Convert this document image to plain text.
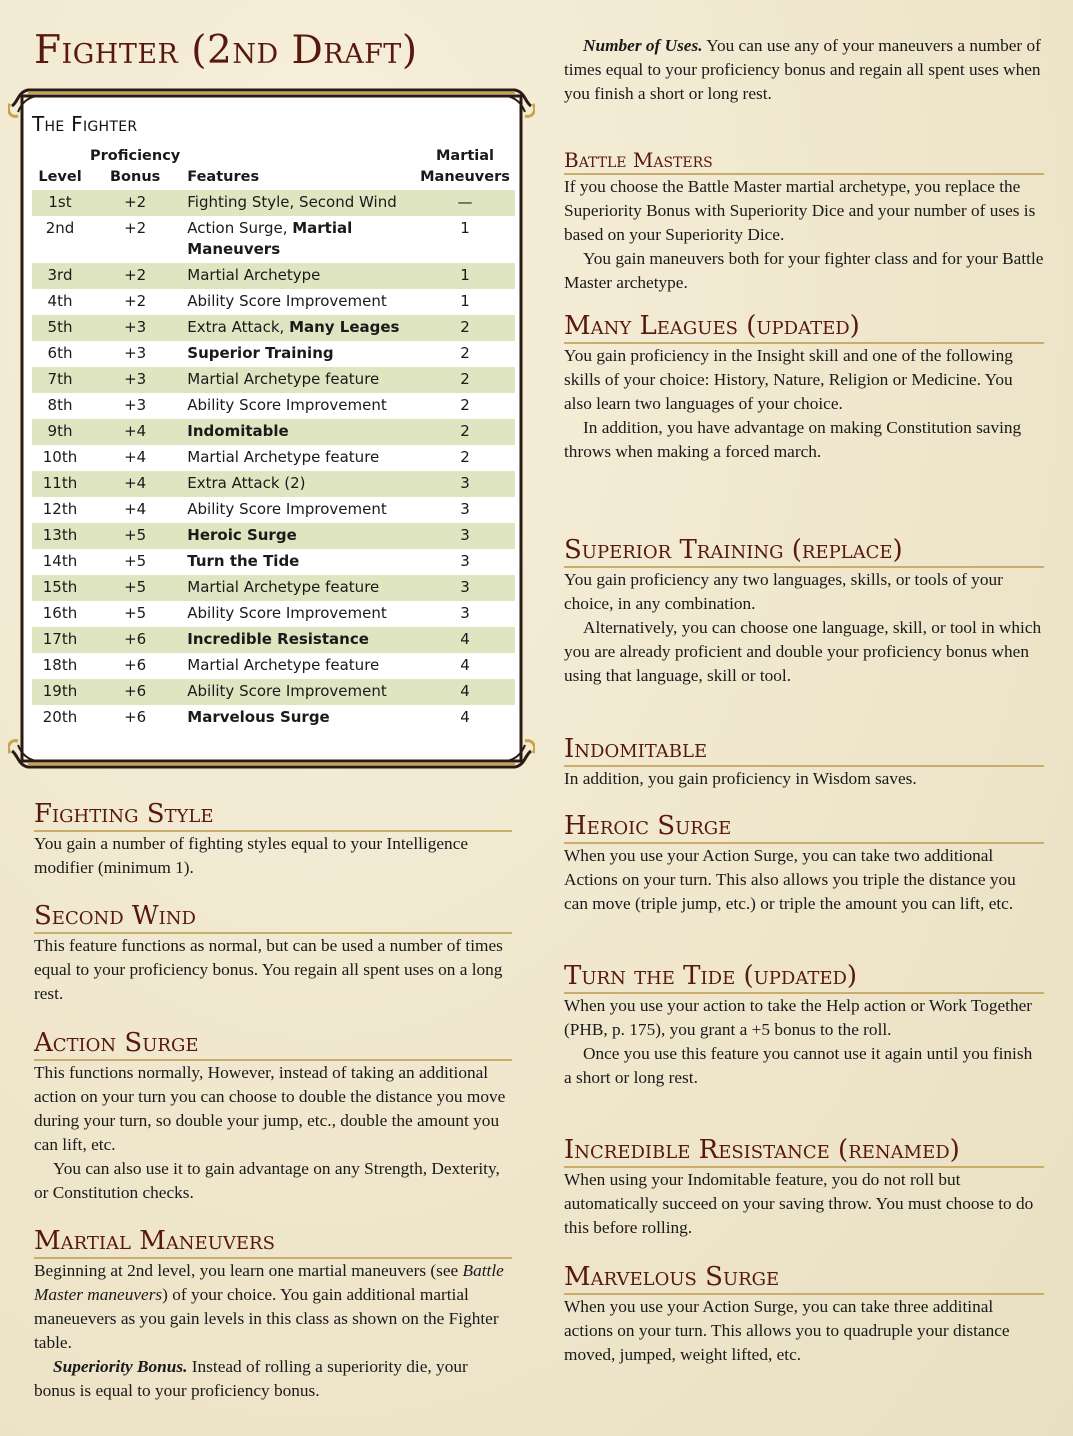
Fighter (2nd Draft)
The Fighter
Level	Proficiency
Bonus	Features	Martial
Maneuvers
1st	+2	Fighting Style, Second Wind	—
2nd	+2	Action Surge, Martial Maneuvers	1
3rd	+2	Martial Archetype	1
4th	+2	Ability Score Improvement	1
5th	+3	Extra Attack, Many Leages	2
6th	+3	Superior Training	2
7th	+3	Martial Archetype feature	2
8th	+3	Ability Score Improvement	2
9th	+4	Indomitable	2
10th	+4	Martial Archetype feature	2
11th	+4	Extra Attack (2)	3
12th	+4	Ability Score Improvement	3
13th	+5	Heroic Surge	3
14th	+5	Turn the Tide	3
15th	+5	Martial Archetype feature	3
16th	+5	Ability Score Improvement	3
17th	+6	Incredible Resistance	4
18th	+6	Martial Archetype feature	4
19th	+6	Ability Score Improvement	4
20th	+6	Marvelous Surge	4
Fighting Style

You gain a number of fighting styles equal to your Intelligence modifier (minimum 1).

Second Wind

This feature functions as normal, but can be used a number of times equal to your proficiency bonus. You regain all spent uses on a long rest.

Action Surge

This functions normally, However, instead of taking an additional action on your turn you can choose to double the distance you move during your turn, so double your jump, etc., double the amount you can lift, etc.

You can also use it to gain advantage on any Strength, Dexterity, or Constitution checks.

Martial Maneuvers

Beginning at 2nd level, you learn one martial maneuvers (see Battle Master maneuvers) of your choice. You gain additional martial maneuevers as you gain levels in this class as shown on the Fighter table.

Superiority Bonus. Instead of rolling a superiority die, your bonus is equal to your proficiency bonus.

Number of Uses. You can use any of your maneuvers a number of times equal to your proficiency bonus and regain all spent uses when you finish a short or long rest.

Battle Masters

If you choose the Battle Master martial archetype, you replace the Superiority Bonus with Superiority Dice and your number of uses is based on your Superiority Dice.

You gain maneuvers both for your fighter class and for your Battle Master archetype.

Many Leagues (updated)

You gain proficiency in the Insight skill and one of the following skills of your choice: History, Nature, Religion or Medicine. You also learn two languages of your choice.

In addition, you have advantage on making Constitution saving throws when making a forced march.

Superior Training (replace)

You gain proficiency any two languages, skills, or tools of your choice, in any combination.

Alternatively, you can choose one language, skill, or tool in which you are already proficient and double your proficiency bonus when using that language, skill or tool.

Indomitable

In addition, you gain proficiency in Wisdom saves.

Heroic Surge

When you use your Action Surge, you can take two additional Actions on your turn. This also allows you triple the distance you can move (triple jump, etc.) or triple the amount you can lift, etc.

Turn the Tide (updated)

When you use your action to take the Help action or Work Together (PHB, p. 175), you grant a +5 bonus to the roll.

Once you use this feature you cannot use it again until you finish a short or long rest.

Incredible Resistance (renamed)

When using your Indomitable feature, you do not roll but automatically succeed on your saving throw. You must choose to do this before rolling.

Marvelous Surge

When you use your Action Surge, you can take three additinal actions on your turn. This allows you to quadruple your distance moved, jumped, weight lifted, etc.
